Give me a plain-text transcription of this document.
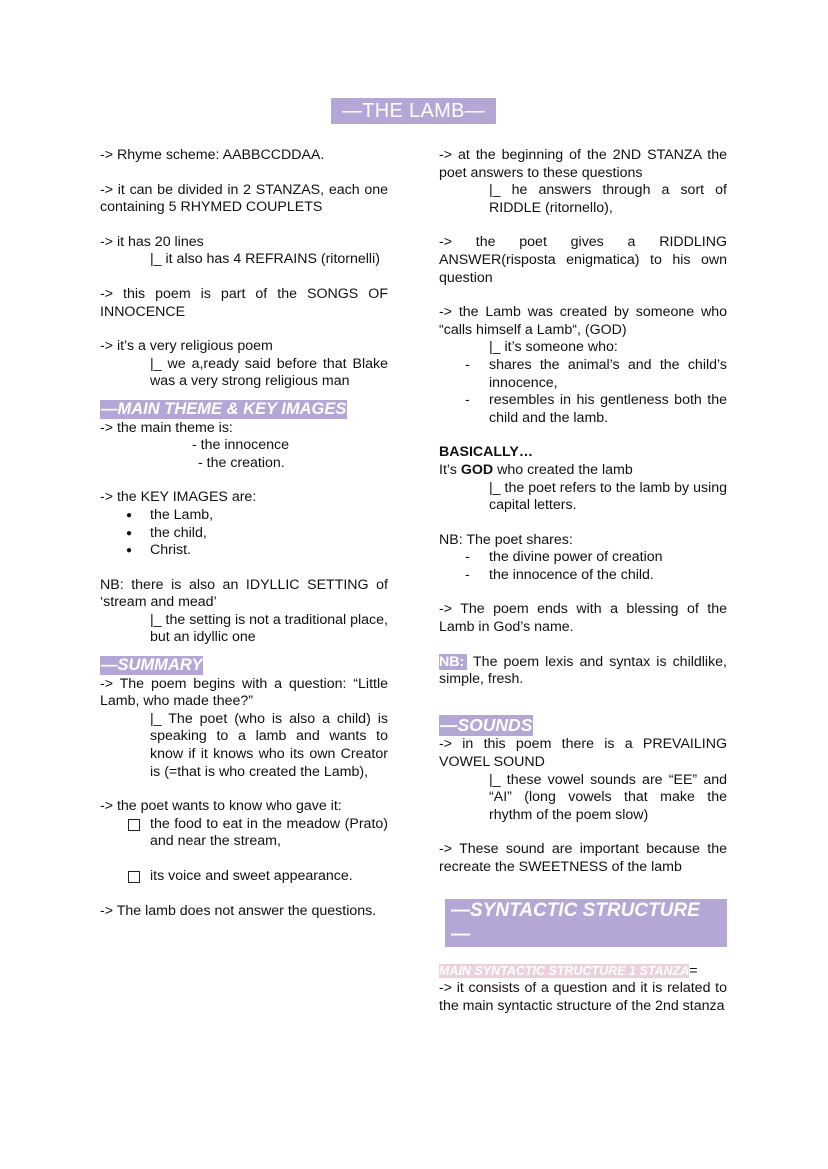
—THE LAMB—

-> Rhyme scheme: AABBCCDDAA.

-> it can be divided in 2 STANZAS, each one containing 5 RHYMED COUPLETS

-> it has 20 lines

|_ it also has 4 REFRAINS (ritornelli)

-> this poem is part of the SONGS OF INNOCENCE

-> it’s a very religious poem

|_ we a,ready said before that Blake was a very strong religious man

—MAIN THEME & KEY IMAGES

-> the main theme is:

- the innocence

- the creation.

-> the KEY IMAGES are:

● the Lamb,
● the child,
● Christ.

NB: there is also an IDYLLIC SETTING of ‘stream and mead’

|_ the setting is not a traditional place, but an idyllic one

—SUMMARY

-> The poem begins with a question: “Little Lamb, who made thee?”

|_ The poet (who is also a child) is speaking to a lamb and wants to know if it knows who its own Creator is (=that is who created the Lamb),

-> the poet wants to know who gave it:

the food to eat in the meadow (Prato) and near the stream,
its voice and sweet appearance.

-> The lamb does not answer the questions.

-> at the beginning of the 2ND STANZA the poet answers to these questions

|_ he answers through a sort of RIDDLE (ritornello),

-> the poet gives a RIDDLING ANSWER(risposta enigmatica) to his own question

-> the Lamb was created by someone who “calls himself a Lamb“, (GOD)

|_ it’s someone who:

- shares the animal’s and the child’s innocence,
- resembles in his gentleness both the child and the lamb.

BASICALLY…

It’s GOD who created the lamb

|_ the poet refers to the lamb by using capital letters.

NB: The poet shares:

- the divine power of creation
- the innocence of the child.

-> The poem ends with a blessing of the Lamb in God’s name.

NB: The poem lexis and syntax is childlike, simple, fresh.

—SOUNDS

-> in this poem there is a PREVAILING VOWEL SOUND

|_ these vowel sounds are “EE” and “AI” (long vowels that make the rhythm of the poem slow)

-> These sound are important because the recreate the SWEETNESS of the lamb

—SYNTACTIC STRUCTURE —

MAIN SYNTACTIC STRUCTURE 1 STANZA=

-> it consists of a question and it is related to the main syntactic structure of the 2nd stanza
